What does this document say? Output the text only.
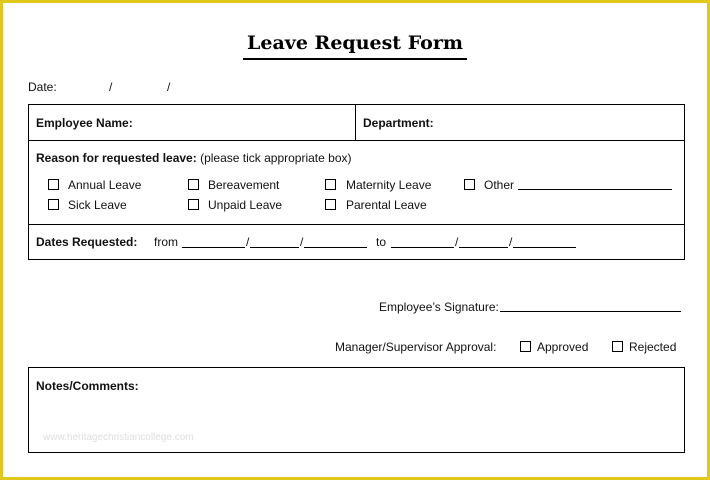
Leave Request Form
Date:	/	/
Employee Name:	Department:
Reason for requested leave: (please tick appropriate box)
Annual Leave	Bereavement	Maternity Leave	Other
Sick Leave	Unpaid Leave	Parental Leave
Dates Requested: from	/	/	to	/	/
Employee’s Signature:
Manager/Supervisor Approval:	Approved	Rejected
Notes/Comments:
www.heritagechristiancollege.com
